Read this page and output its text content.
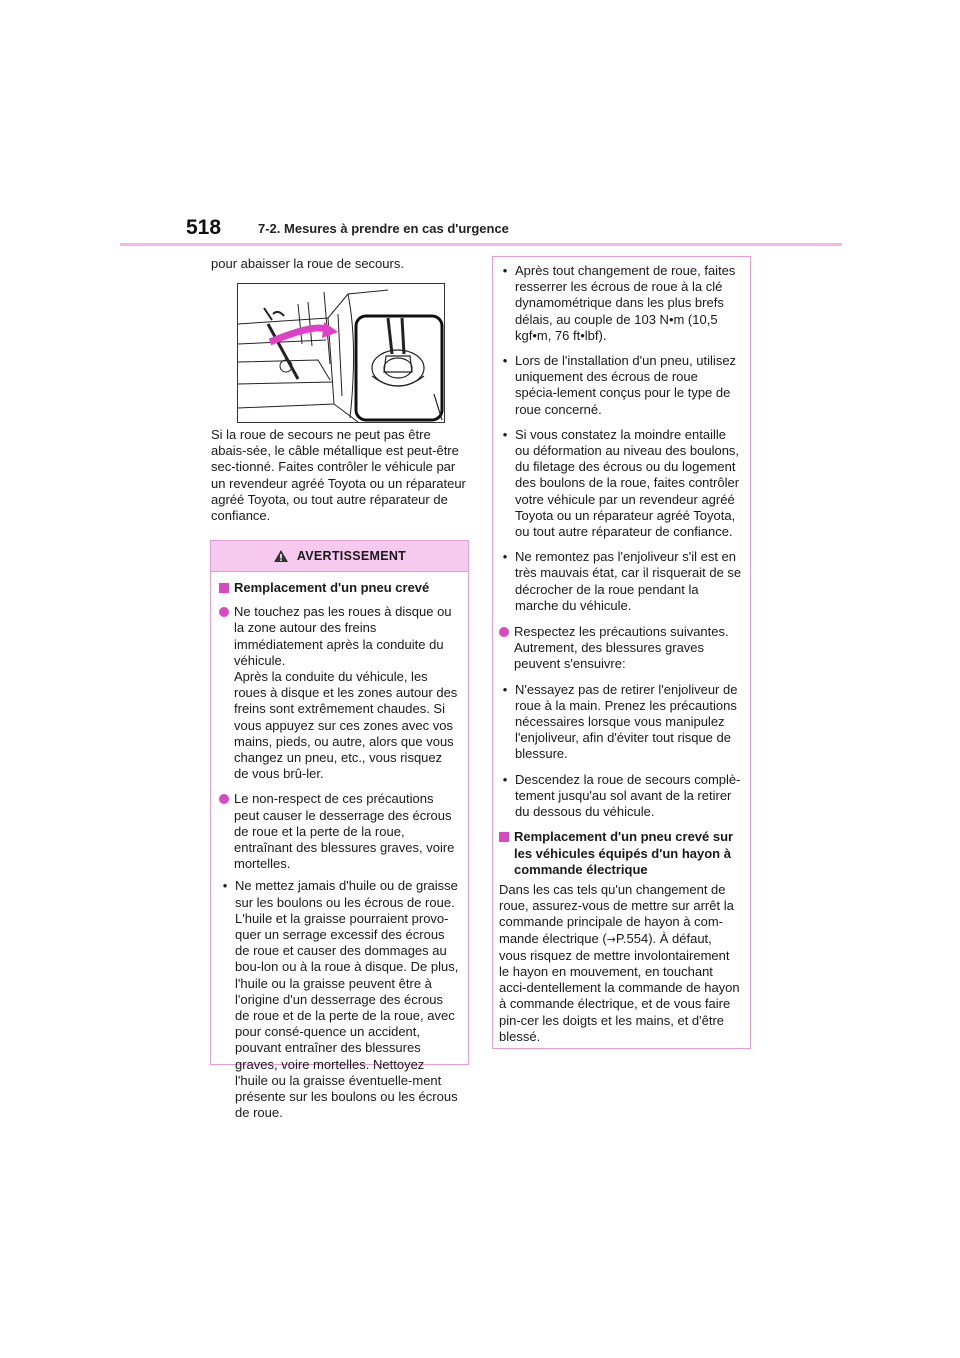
518	7-2. Mesures à prendre en cas d'urgence

pour abaisser la roue de secours.

Si la roue de secours ne peut pas être abais-sée, le câble métallique est peut-être sec-tionné. Faites contrôler le véhicule par un revendeur agréé Toyota ou un réparateur agréé Toyota, ou tout autre réparateur de confiance.

AVERTISSEMENT

Remplacement d'un pneu crevé

Ne touchez pas les roues à disque ou la zone autour des freins immédiatement après la conduite du véhicule.

Après la conduite du véhicule, les roues à disque et les zones autour des freins sont extrêmement chaudes. Si vous appuyez sur ces zones avec vos mains, pieds, ou autre, alors que vous changez un pneu, etc., vous risquez de vous brû-ler.

Le non-respect de ces précautions peut causer le desserrage des écrous de roue et la perte de la roue, entraînant des blessures graves, voire mortelles.

• Ne mettez jamais d'huile ou de graisse sur les boulons ou les écrous de roue. L'huile et la graisse pourraient provo-quer un serrage excessif des écrous de roue et causer des dommages au bou-lon ou à la roue à disque. De plus, l'huile ou la graisse peuvent être à l'origine d'un desserrage des écrous de roue et de la perte de la roue, avec pour consé-quence un accident, pouvant entraîner des blessures graves, voire mortelles. Nettoyez l'huile ou la graisse éventuelle-ment présente sur les boulons ou les écrous de roue.

• Après tout changement de roue, faites resserrer les écrous de roue à la clé dynamométrique dans les plus brefs délais, au couple de 103 N•m (10,5 kgf•m, 76 ft•lbf).

• Lors de l'installation d'un pneu, utilisez uniquement des écrous de roue spécia-lement conçus pour le type de roue concerné.

• Si vous constatez la moindre entaille ou déformation au niveau des boulons, du filetage des écrous ou du logement des boulons de la roue, faites contrôler votre véhicule par un revendeur agréé Toyota ou un réparateur agréé Toyota, ou tout autre réparateur de confiance.

• Ne remontez pas l'enjoliveur s'il est en très mauvais état, car il risquerait de se décrocher de la roue pendant la marche du véhicule.

Respectez les précautions suivantes. Autrement, des blessures graves peuvent s'ensuivre:

• N'essayez pas de retirer l'enjoliveur de roue à la main. Prenez les précautions nécessaires lorsque vous manipulez l'enjoliveur, afin d'éviter tout risque de blessure.

• Descendez la roue de secours complè-tement jusqu'au sol avant de la retirer du dessous du véhicule.

Remplacement d'un pneu crevé sur les véhicules équipés d'un hayon à commande électrique

Dans les cas tels qu'un changement de roue, assurez-vous de mettre sur arrêt la commande principale de hayon à com-mande électrique (→P.554). À défaut, vous risquez de mettre involontairement le hayon en mouvement, en touchant acci-dentellement la commande de hayon à commande électrique, et de vous faire pin-cer les doigts et les mains, et d'être blessé.
